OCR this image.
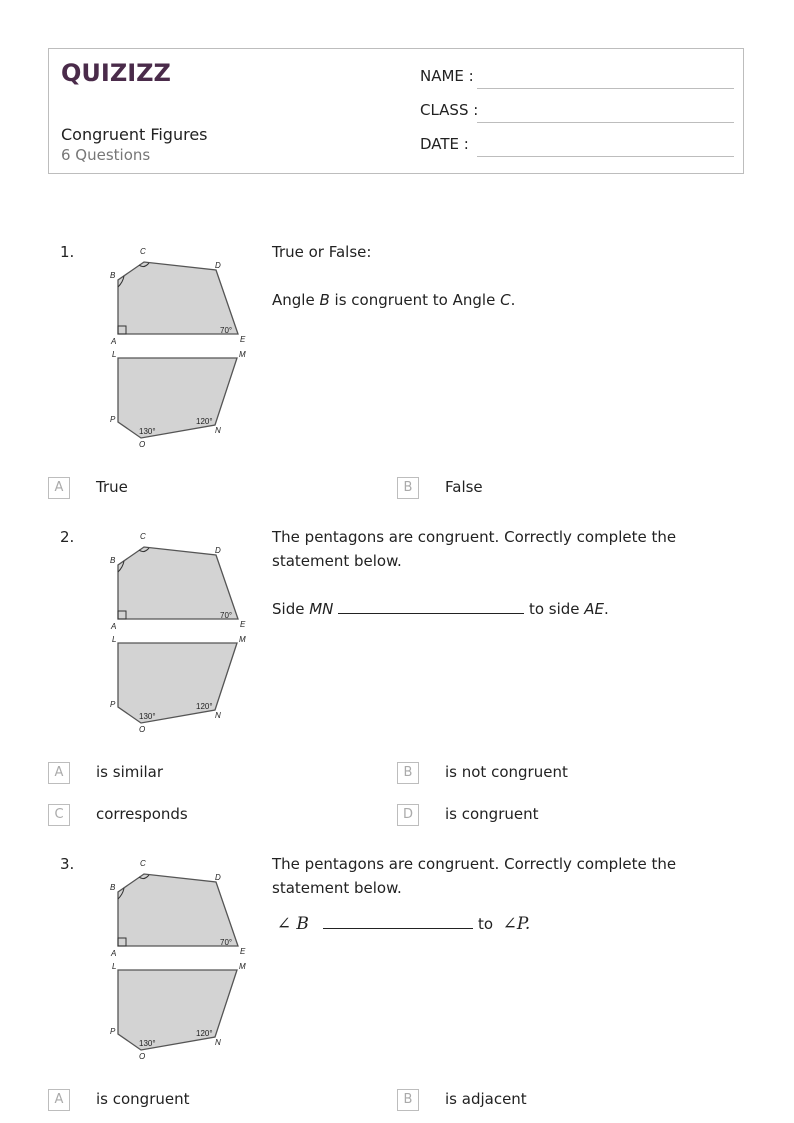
QUIZIZZ
Congruent Figures
6 Questions
NAME :
CLASS :
DATE :
1.	C
B
D
A	E
70°
L	M
P
O
N
130°
120°

True or False:

Angle B is congruent to Angle C.

A	True	B	False
2.	C
B
D
A	E
70°
L	M
P
O
N
130°
120°

The pentagons are congruent. Correctly complete the

statement below.

Side MN	to side AE.

A	is similar	B	is not congruent
C	corresponds	D	is congruent
3.	C
B
D
A	E
70°
L	M
P
O
N
130°
120°

The pentagons are congruent. Correctly complete the

statement below.

∠ B	to ∠P.

A	is congruent	B	is adjacent
